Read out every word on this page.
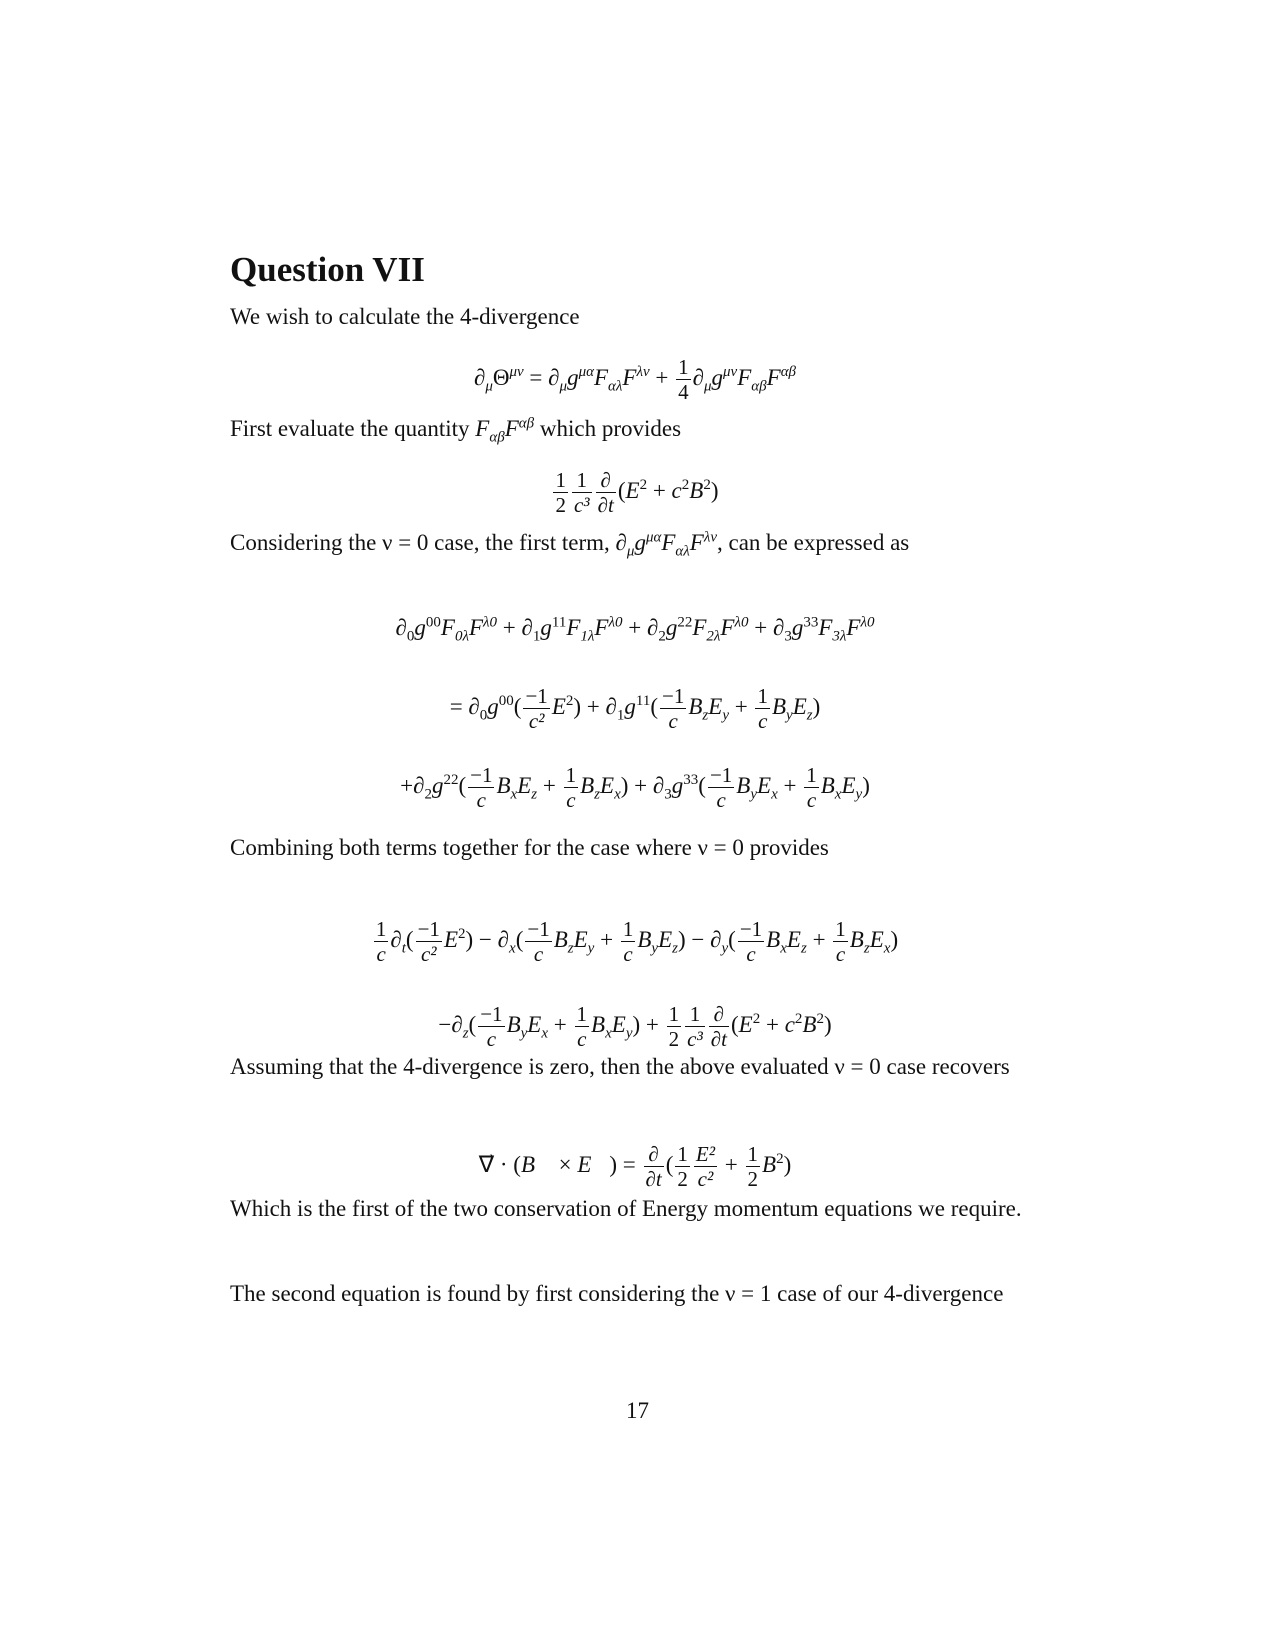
Question VII

We wish to calculate the 4-divergence

$\partial_\mu\Theta^{\mu\nu} = \partial_\mu g^{\mu\alpha}F_{\alpha\lambda}F^{\lambda\nu} + \frac{1}{4} \partial_\mu g^{\mu\nu}F_{\alpha\beta}F^{\alpha\beta}$

First evaluate the quantity $F_{\alpha\beta}F^{\alpha\beta}$ which provides

$\frac{1}{2} \frac{1}{\text{c³}} \frac{\partial}{\partial t} (E^2 + c^2B^2)$

Considering the ν = 0 case, the first term, $\partial_\mu g^{\mu\alpha}F_{\alpha\lambda}F^{\lambda\nu}$, can be expressed as

$\partial_0g^{00}F_{0\lambda}F^{\lambda 0} + \partial_1g^{11}F_{1\lambda}F^{\lambda 0} + \partial_2g^{22}F_{2\lambda}F^{\lambda 0} + \partial_3g^{33}F_{3\lambda}F^{\lambda 0}$
= $\partial_0g^{00}( \frac{-1}{\text{c²}} E^2) + \partial_1g^{11}( \frac{-1}{c} B_zE_y + \frac{1}{c} B_yE_z)$
$+\partial_2g^{22}( \frac{-1}{c} B_xE_z + \frac{1}{c} B_zE_x) + \partial_3g^{33}( \frac{-1}{c} B_yE_x + \frac{1}{c} B_xE_y)$

Combining both terms together for the case where ν = 0 provides

$\frac{1}{c} \partial_t( \frac{-1}{\text{c²}} E^2) - \partial_x( \frac{-1}{c} B_zE_y + \frac{1}{c} B_yE_z) - \partial_y( \frac{-1}{c} B_xE_z + \frac{1}{c} B_zE_x)$
$-\partial_z( \frac{-1}{c} B_yE_x + \frac{1}{c} B_xE_y) + \frac{1}{2} \frac{1}{\text{c³}} \frac{\partial}{\partial t} (E^2 + c^2B^2)$

Assuming that the 4-divergence is zero, then the above evaluated ν = 0 case recovers

∇⃗ · (B⃗ × E⃗) = $\frac{\partial}{\partial t}$ ( $\frac{1}{2} \frac{\text{E²}}{\text{c²}} + \frac{1}{2} B^2$)

Which is the first of the two conservation of Energy momentum equations we require.

The second equation is found by first considering the ν = 1 case of our 4-divergence

17
